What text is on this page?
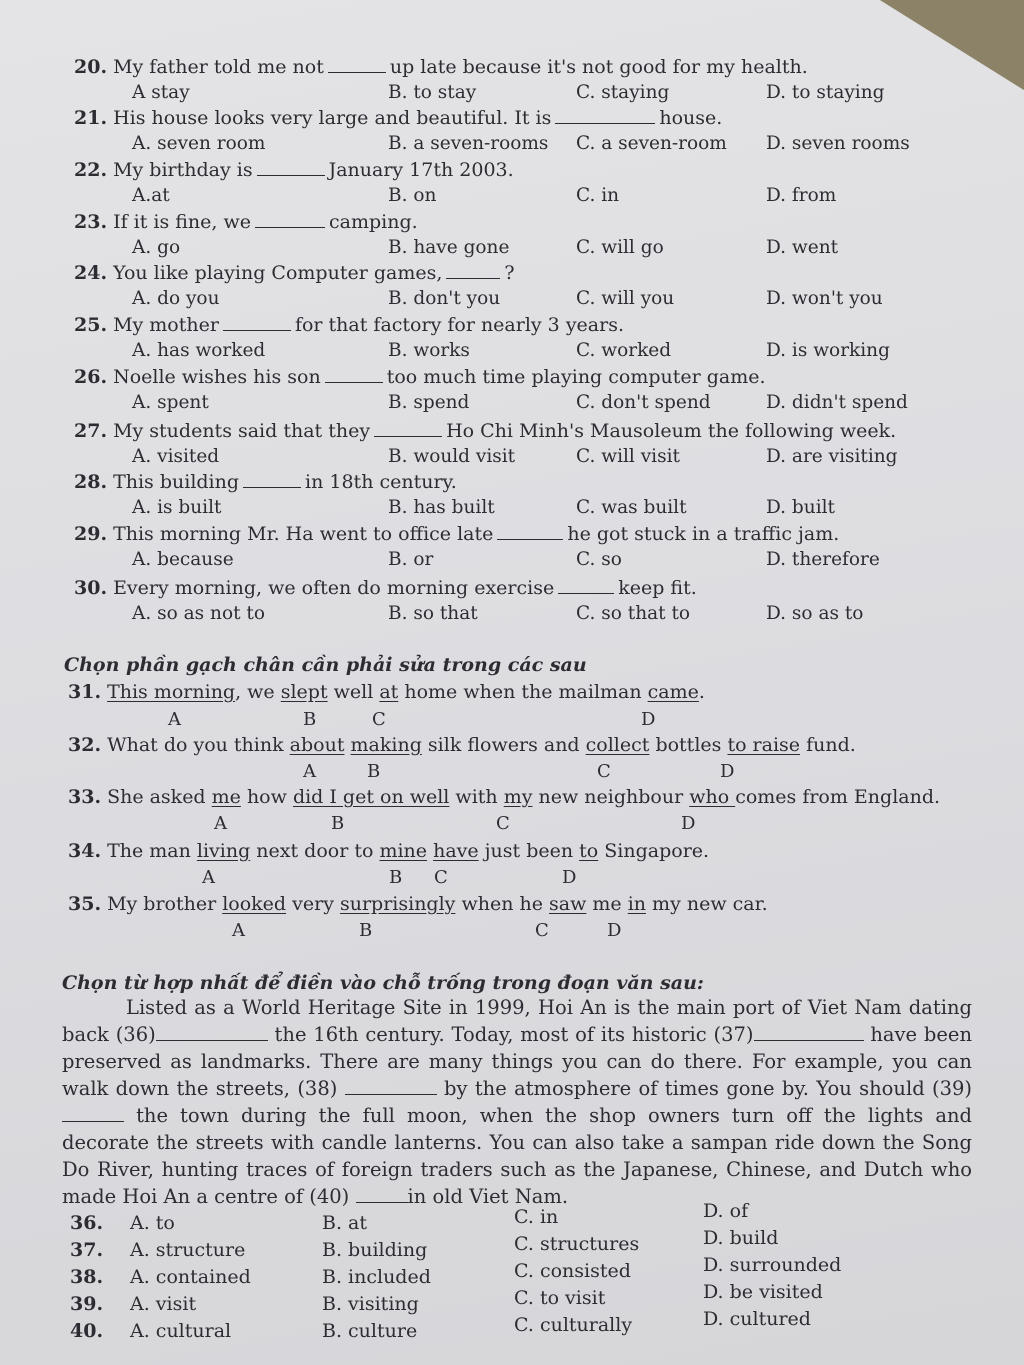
20. My father told me not	up late because it's not good for my health.
A stay	B. to stay	C. staying	D. to staying
21. His house looks very large and beautiful. It is	house.
A. seven room	B. a seven-rooms C. a seven-room D. seven rooms
22. My birthday is	January 17th 2003.
A.at	B. on	C. in	D. from
23. If it is fine, we	camping.
A. go	B. have gone	C. will go	D. went
24. You like playing Computer games,	?
A. do you	B. don't you	C. will you	D. won't you
25. My mother	for that factory for nearly 3 years.
A. has worked	B. works	C. worked	D. is working
26. Noelle wishes his son	too much time playing computer game.
A. spent	B. spend	C. don't spend	D. didn't spend
27. My students said that they	Ho Chi Minh's Mausoleum the following week.
A. visited	B. would visit	C. will visit	D. are visiting
28. This building	in 18th century.
A. is built	B. has built	C. was built	D. built
29. This morning Mr. Ha went to office late	he got stuck in a traffic jam.
A. because	B. or	C. so	D. therefore
30. Every morning, we often do morning exercise	keep fit.
A. so as not to	B. so that	C. so that to	D. so as to
Chọn phần gạch chân cần phải sửa trong các sau
31. This morning, we slept well at home when the mailman came.
A	B	C	D
32. What do you think about making silk flowers and collect bottles to raise fund.
A	B	C	D
33. She asked me how did I get on well with my new neighbour who comes from England.
A	B	C	D
34. The man living next door to mine have just been to Singapore.
A	B C	D
35. My brother looked very surprisingly when he saw me in my new car.
A	B	C	D
Chọn từ hợp nhất để điền vào chỗ trống trong đoạn văn sau:
Listed as a World Heritage Site in 1999, Hoi An is the main port of Viet Nam dating back (36)	the 16th century. Today, most of its historic (37)	have been preserved as landmarks. There are many things you can do there. For example, you can walk down the streets, (38)	by the atmosphere of times gone by. You should (39) the town during the full moon, when the shop owners turn off the lights and decorate the streets with candle lanterns. You can also take a sampan ride down the Song Do River, hunting traces of foreign traders such as the Japanese, Chinese, and Dutch who made Hoi An a centre of (40)	in old Viet Nam.
36. A. to	B. at	C. in	D. of
37. A. structure	B. building	C. structures	D. build
38. A. contained	B. included	C. consisted	D. surrounded
39. A. visit	B. visiting	C. to visit	D. be visited
40. A. cultural	B. culture	C. culturally	D. cultured
